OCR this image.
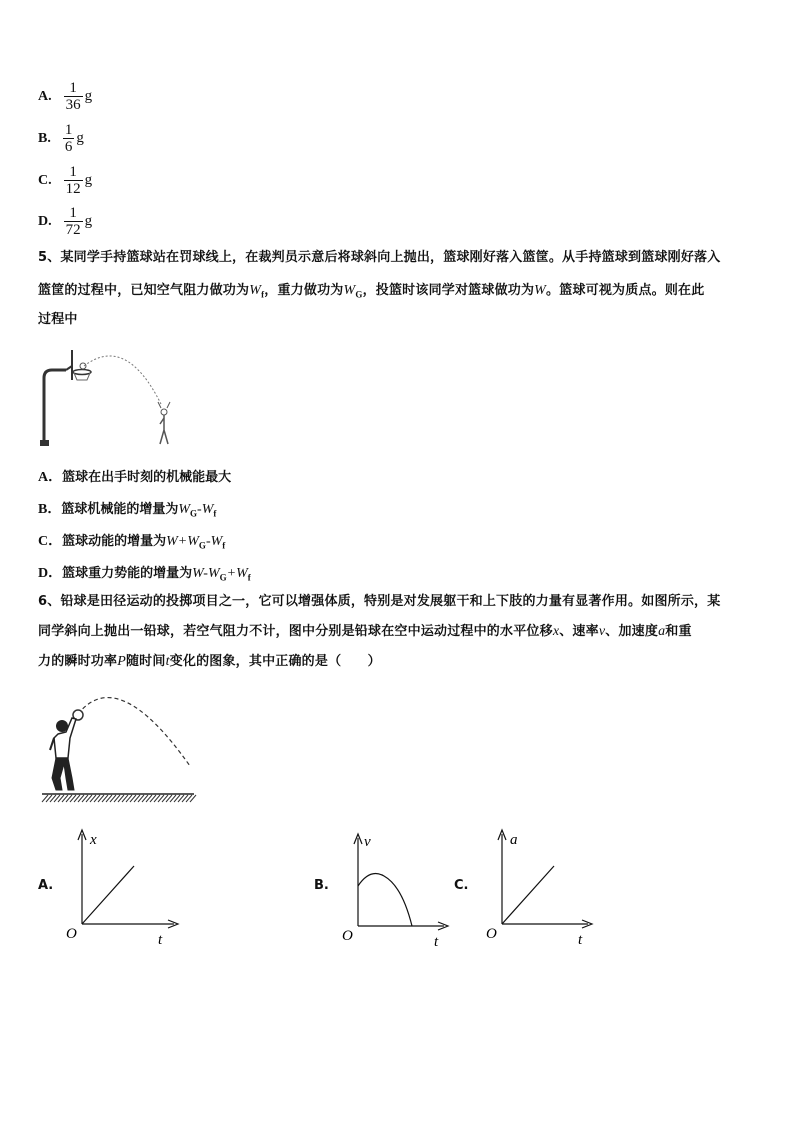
A. $\frac{1}{36}$ g
B. $\frac{1}{6}$ g
C. $\frac{1}{12}$ g
D. $\frac{1}{72}$ g
5、某同学手持篮球站在罚球线上，在裁判员示意后将球斜向上抛出，篮球刚好落入篮筐。从手持篮球到篮球刚好落入
篮筐的过程中，已知空气阻力做功为$W_f$，重力做功为$W_G$，投篮时该同学对篮球做功为W。篮球可视为质点。则在此
过程中
A．篮球在出手时刻的机械能最大
B．篮球机械能的增量为$W_G-W_f$
C．篮球动能的增量为$W+W_G-W_f$
D．篮球重力势能的增量为$W-W_G+W_f$
6、铅球是田径运动的投掷项目之一，它可以增强体质，特别是对发展躯干和上下肢的力量有显著作用。如图所示，某
同学斜向上抛出一铅球，若空气阻力不计，图中分别是铅球在空中运动过程中的水平位移x、速率v、加速度a和重
力的瞬时功率P随时间t变化的图象，其中正确的是（　　）
A.
x
t
O
B.
v
t
O
C.
a
t
O
